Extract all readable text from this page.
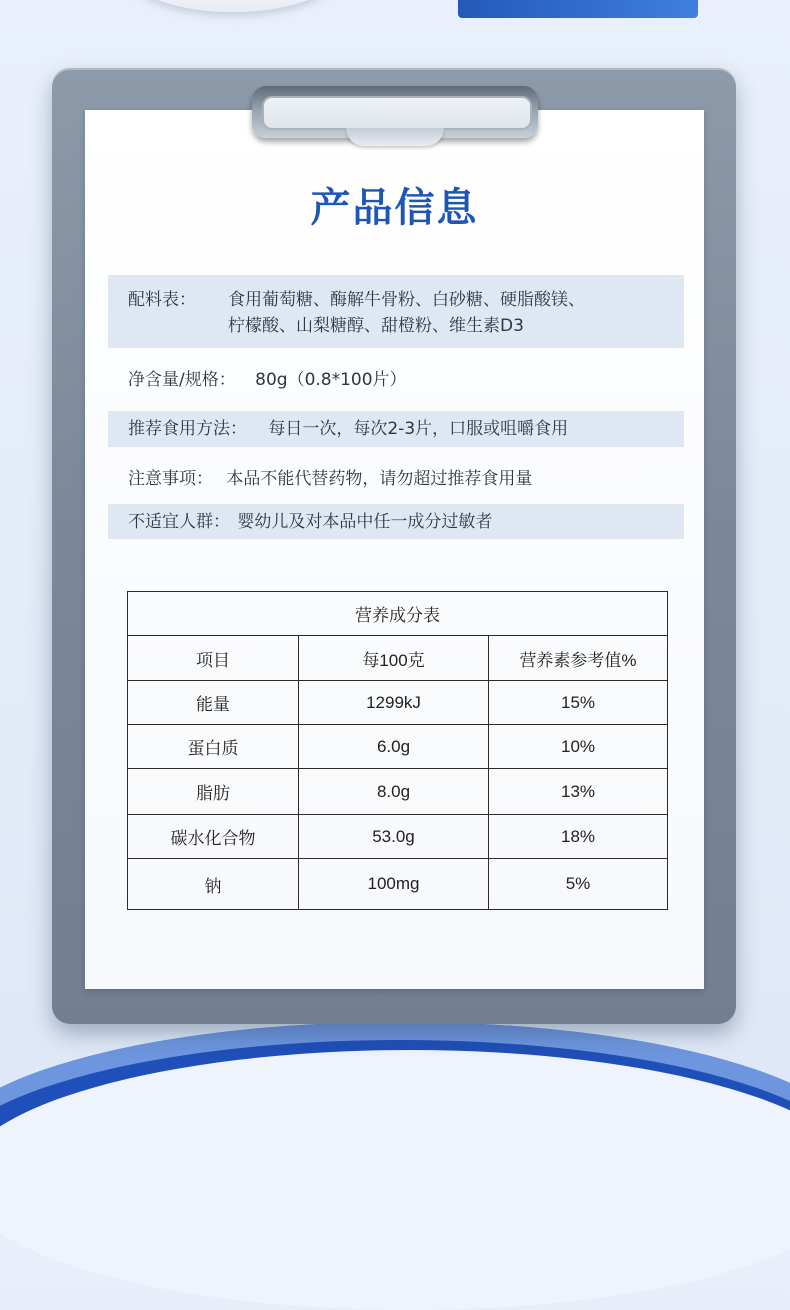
产品信息
配料表： 食用葡萄糖、酶解牛骨粉、白砂糖、硬脂酸镁、
柠檬酸、山梨糖醇、甜橙粉、维生素D3
净含量/规格： 80g（0.8*100片）
推荐食用方法： 每日一次，每次2-3片，口服或咀嚼食用
注意事项： 本品不能代替药物，请勿超过推荐食用量
不适宜人群： 婴幼儿及对本品中任一成分过敏者
营养成分表		
项目	每100克	营养素参考值%
能量	1299kJ	15%
蛋白质	6.0g	10%
脂肪	8.0g	13%
碳水化合物	53.0g	18%
钠	100mg	5%
